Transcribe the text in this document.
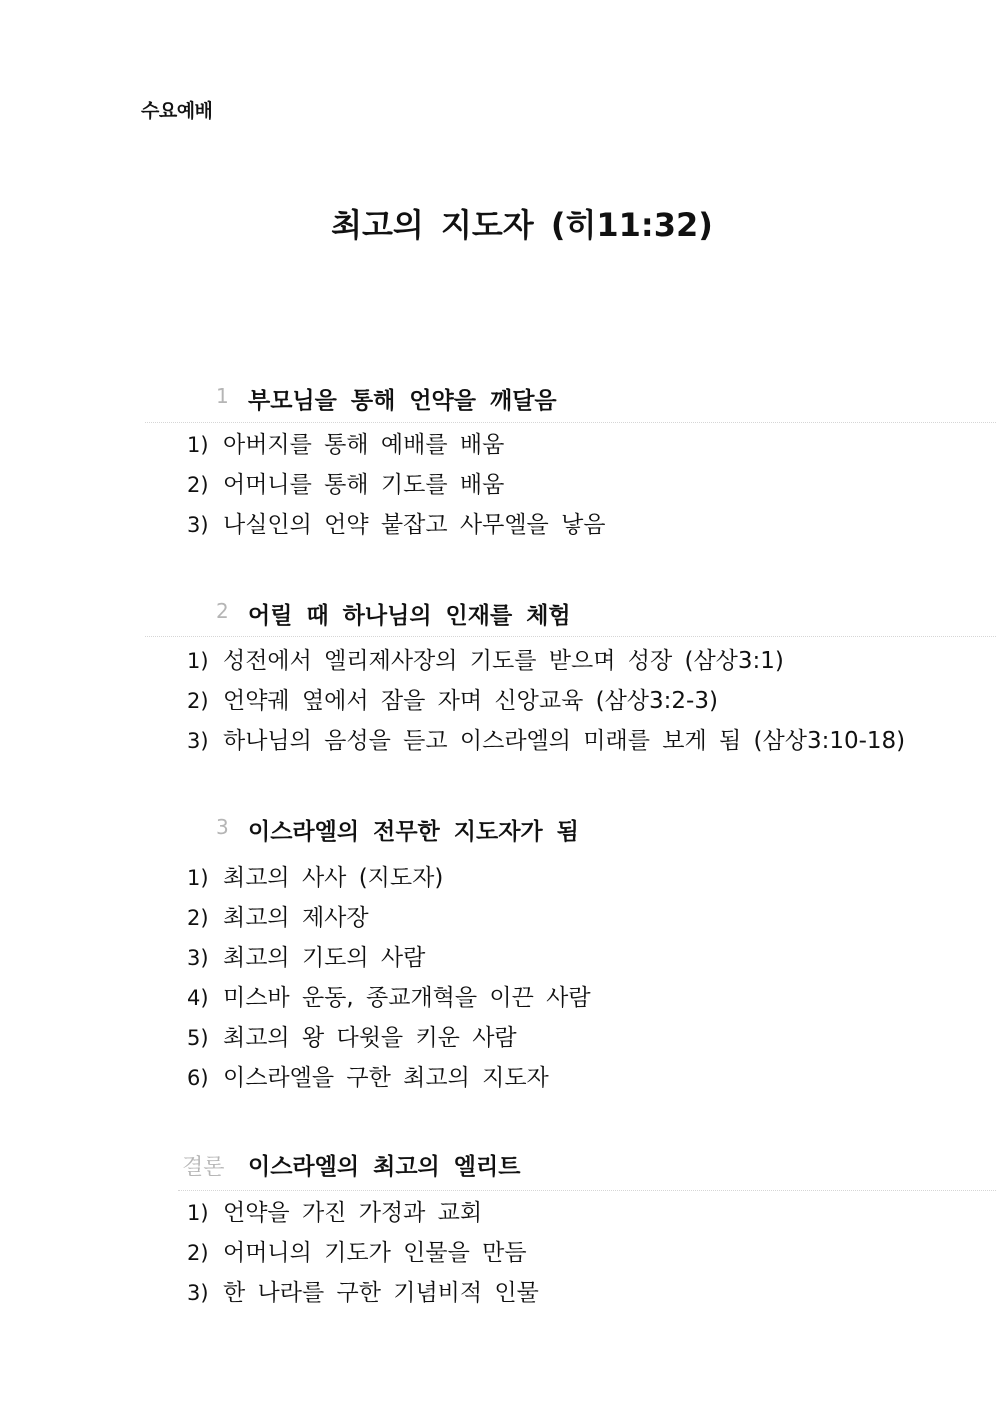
수요예배
최고의 지도자 (히11:32)
1 부모님을 통해 언약을 깨달음
1) 아버지를 통해 예배를 배움
2) 어머니를 통해 기도를 배움
3) 나실인의 언약 붙잡고 사무엘을 낳음
2 어릴 때 하나님의 인재를 체험
1) 성전에서 엘리제사장의 기도를 받으며 성장 (삼상3:1)
2) 언약궤 옆에서 잠을 자며 신앙교육 (삼상3:2-3)
3) 하나님의 음성을 듣고 이스라엘의 미래를 보게 됨 (삼상3:10-18)
3 이스라엘의 전무한 지도자가 됨
1) 최고의 사사 (지도자)
2) 최고의 제사장
3) 최고의 기도의 사람
4) 미스바 운동, 종교개혁을 이끈 사람
5) 최고의 왕 다윗을 키운 사람
6) 이스라엘을 구한 최고의 지도자
결론 이스라엘의 최고의 엘리트
1) 언약을 가진 가정과 교회
2) 어머니의 기도가 인물을 만듬
3) 한 나라를 구한 기념비적 인물
